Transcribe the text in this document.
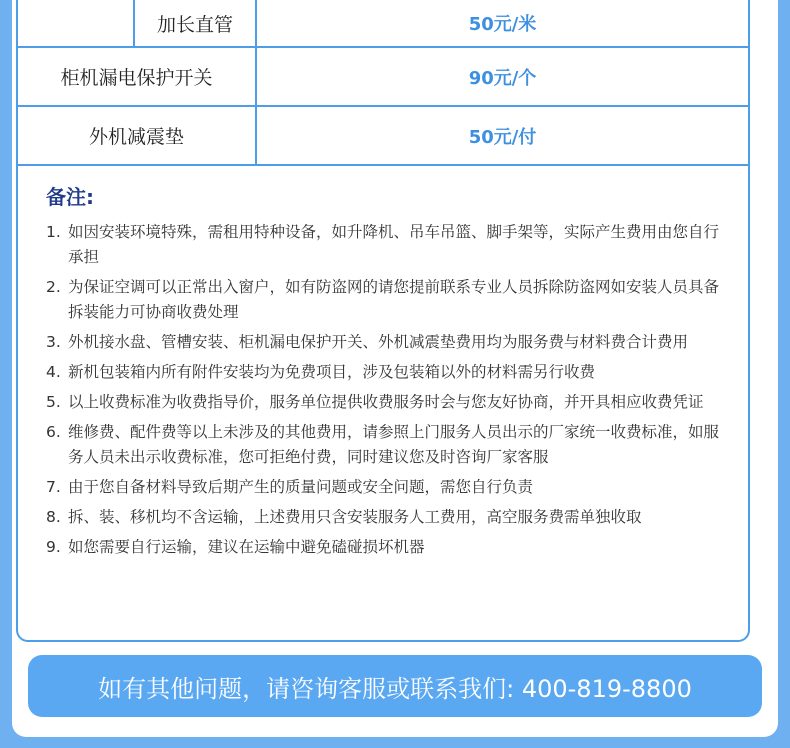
加长直管	50元/米
柜机漏电保护开关	90元/个
外机减震垫	50元/付
备注:
1. 如因安装环境特殊，需租用特种设备，如升降机、吊车吊篮、脚手架等，实际产生费用由您自行承担
2. 为保证空调可以正常出入窗户，如有防盗网的请您提前联系专业人员拆除防盗网如安装人员具备拆装能力可协商收费处理
3. 外机接水盘、管槽安装、柜机漏电保护开关、外机减震垫费用均为服务费与材料费合计费用
4. 新机包装箱内所有附件安装均为免费项目，涉及包装箱以外的材料需另行收费
5. 以上收费标准为收费指导价，服务单位提供收费服务时会与您友好协商，并开具相应收费凭证
6. 维修费、配件费等以上未涉及的其他费用，请参照上门服务人员出示的厂家统一收费标准，如服务人员未出示收费标准，您可拒绝付费，同时建议您及时咨询厂家客服
7. 由于您自备材料导致后期产生的质量问题或安全问题，需您自行负责
8. 拆、装、移机均不含运输，上述费用只含安装服务人工费用，高空服务费需单独收取
9. 如您需要自行运输，建议在运输中避免磕碰损坏机器
如有其他问题，请咨询客服或联系我们: 400-819-8800
